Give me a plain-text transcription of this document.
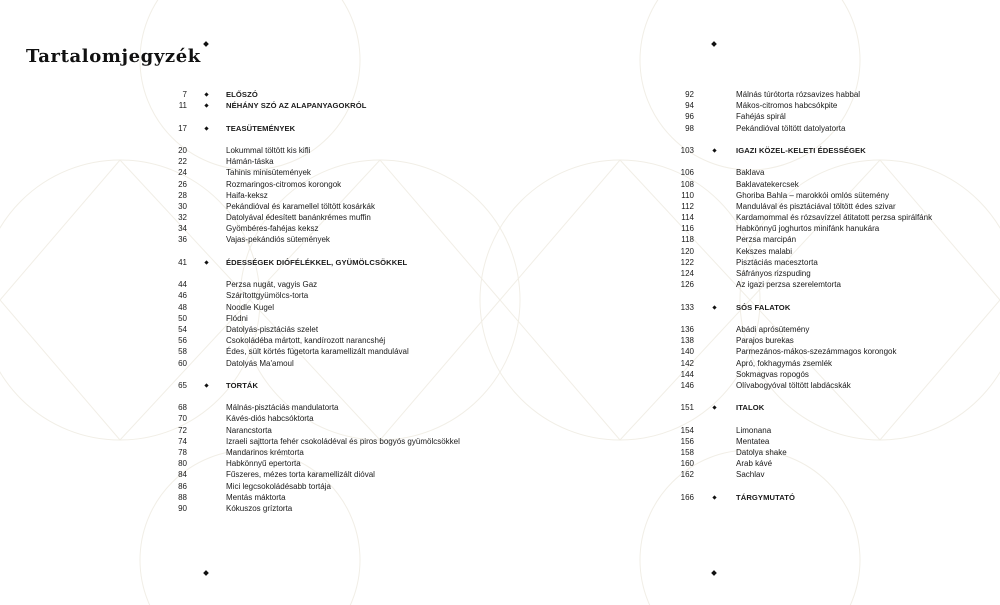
Tartalomjegyzék
7	ELŐSZÓ
11	NÉHÁNY SZÓ AZ ALAPANYAGOKRÓL
17	TEASÜTEMÉNYEK
20	Lokummal töltött kis kifli
22	Hámán-táska
24	Tahinis minisütemények
26	Rozmaringos-citromos korongok
28	Haifa-keksz
30	Pekándióval és karamellel töltött kosárkák
32	Datolyával édesített banánkrémes muffin
34	Gyömbéres-fahéjas keksz
36	Vajas-pekándiós sütemények
41	ÉDESSÉGEK DIÓFÉLÉKKEL, GYÜMÖLCSÖKKEL
44	Perzsa nugát, vagyis Gaz
46	Szárítottgyümölcs-torta
48	Noodle Kugel
50	Flódni
54	Datolyás-pisztáciás szelet
56	Csokoládéba mártott, kandírozott narancshéj
58	Édes, sült körtés fügetorta karamellizált mandulával
60	Datolyás Ma'amoul
65	TORTÁK
68	Málnás-pisztáciás mandulatorta
70	Kávés-diós habcsóktorta
72	Narancstorta
74	Izraeli sajttorta fehér csokoládéval és piros bogyós gyümölcsökkel
78	Mandarinos krémtorta
80	Habkönnyű epertorta
84	Fűszeres, mézes torta karamellizált dióval
86	Mici legcsokoládésabb tortája
88	Mentás máktorta
90	Kókuszos gríztorta
92	Málnás túrótorta rózsavizes habbal
94	Mákos-citromos habcsókpite
96	Fahéjás spirál
98	Pekándióval töltött datolyatorta
103	IGAZI KÖZEL-KELETI ÉDESSÉGEK
106	Baklava
108	Baklavatekercsek
110	Ghoriba Bahla – marokkói omlós sütemény
112	Mandulával és pisztáciával töltött édes szivar
114	Kardamommal és rózsavízzel átitatott perzsa spirálfánk
116	Habkönnyű joghurtos minifánk hanukára
118	Perzsa marcipán
120	Kekszes malabi
122	Pisztáciás macesztorta
124	Sáfrányos rizspuding
126	Az igazi perzsa szerelemtorta
133	SÓS FALATOK
136	Abádi aprósütemény
138	Parajos burekas
140	Parmezános-mákos-szezámmagos korongok
142	Apró, fokhagymás zsemlék
144	Sokmagvas ropogós
146	Olívabogyóval töltött labdácskák
151	ITALOK
154	Limonana
156	Mentatea
158	Datolya shake
160	Arab kávé
162	Sachlav
166	TÁRGYMUTATÓ
